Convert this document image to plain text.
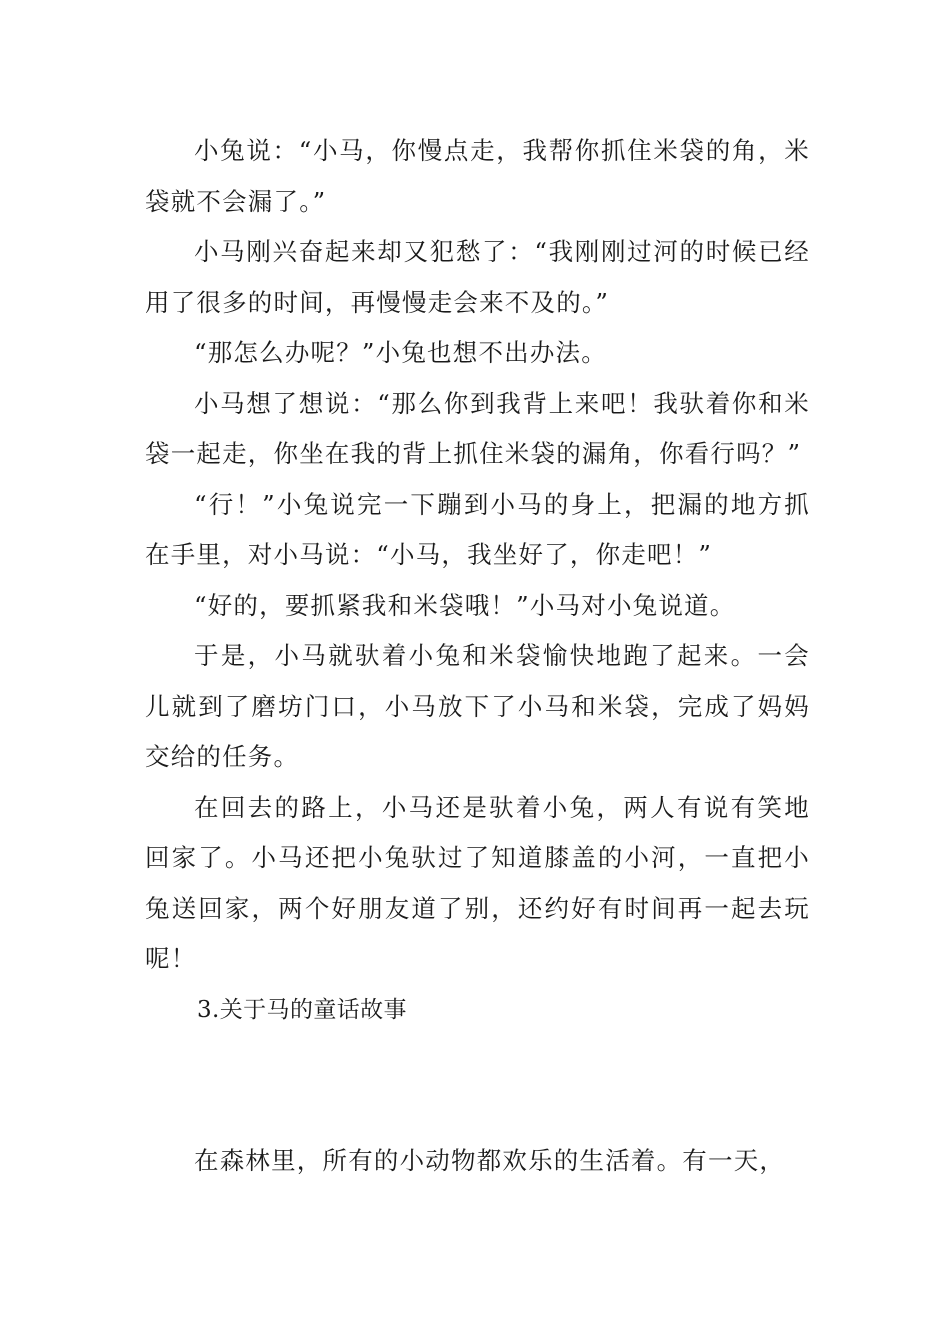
小兔说：“小马，你慢点走，我帮你抓住米袋的角，米袋就不会漏了。”

小马刚兴奋起来却又犯愁了：“我刚刚过河的时候已经用了很多的时间，再慢慢走会来不及的。”

“那怎么办呢？”小兔也想不出办法。

小马想了想说：“那么你到我背上来吧！我驮着你和米袋一起走，你坐在我的背上抓住米袋的漏角，你看行吗？”

“行！”小兔说完一下蹦到小马的身上，把漏的地方抓在手里，对小马说：“小马，我坐好了，你走吧！”

“好的，要抓紧我和米袋哦！”小马对小兔说道。

于是，小马就驮着小兔和米袋愉快地跑了起来。一会儿就到了磨坊门口，小马放下了小马和米袋，完成了妈妈交给的任务。

在回去的路上，小马还是驮着小兔，两人有说有笑地回家了。小马还把小兔驮过了知道膝盖的小河，一直把小兔送回家，两个好朋友道了别，还约好有时间再一起去玩呢！

3.关于马的童话故事

在森林里，所有的小动物都欢乐的生活着。有一天，
